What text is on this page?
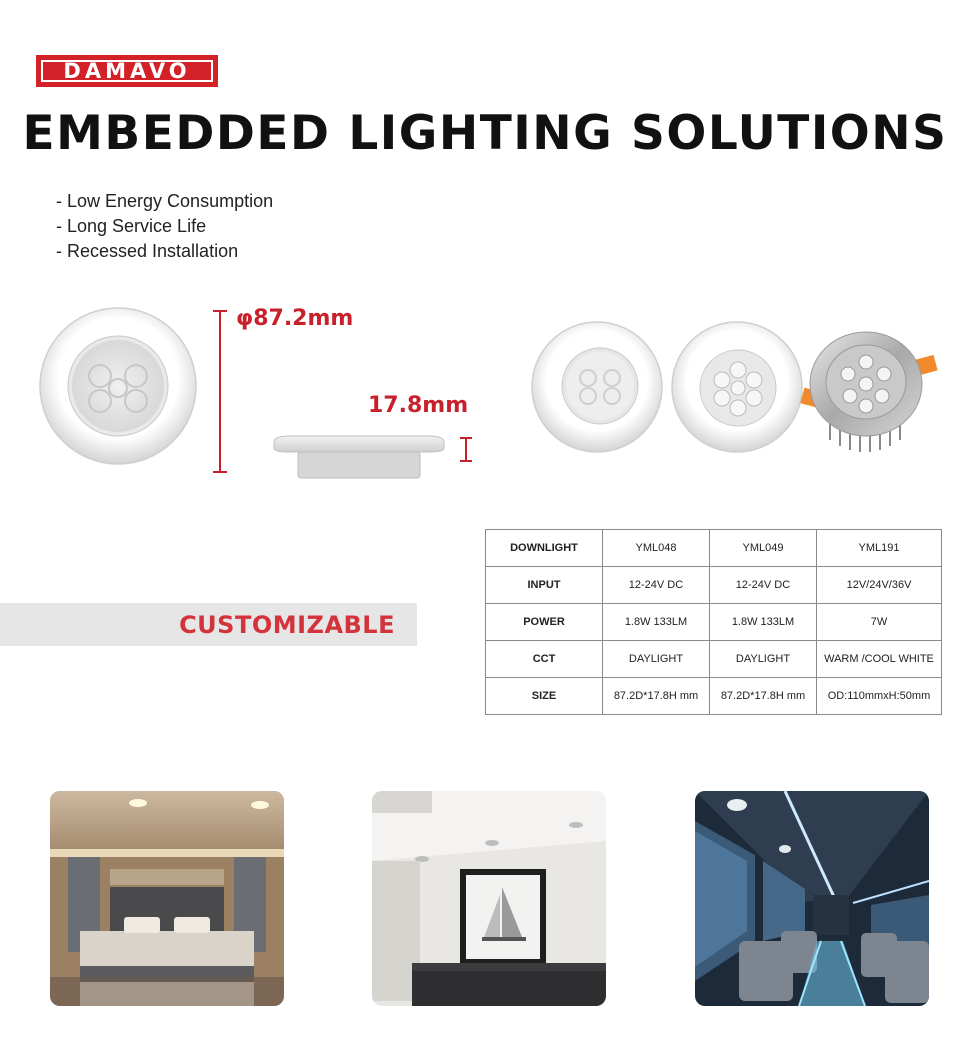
DAMAVO
EMBEDDED LIGHTING SOLUTIONS
- Low Energy Consumption
- Long Service Life
- Recessed Installation
φ87.2mm
17.8mm
CUSTOMIZABLE
DOWNLIGHT	YML048	YML049	YML191
INPUT	12-24V DC	12-24V DC	12V/24V/36V
POWER	1.8W 133LM	1.8W 133LM	7W
CCT	DAYLIGHT	DAYLIGHT	WARM /COOL WHITE
SIZE	87.2D*17.8H mm	87.2D*17.8H mm	OD:110mmxH:50mm
